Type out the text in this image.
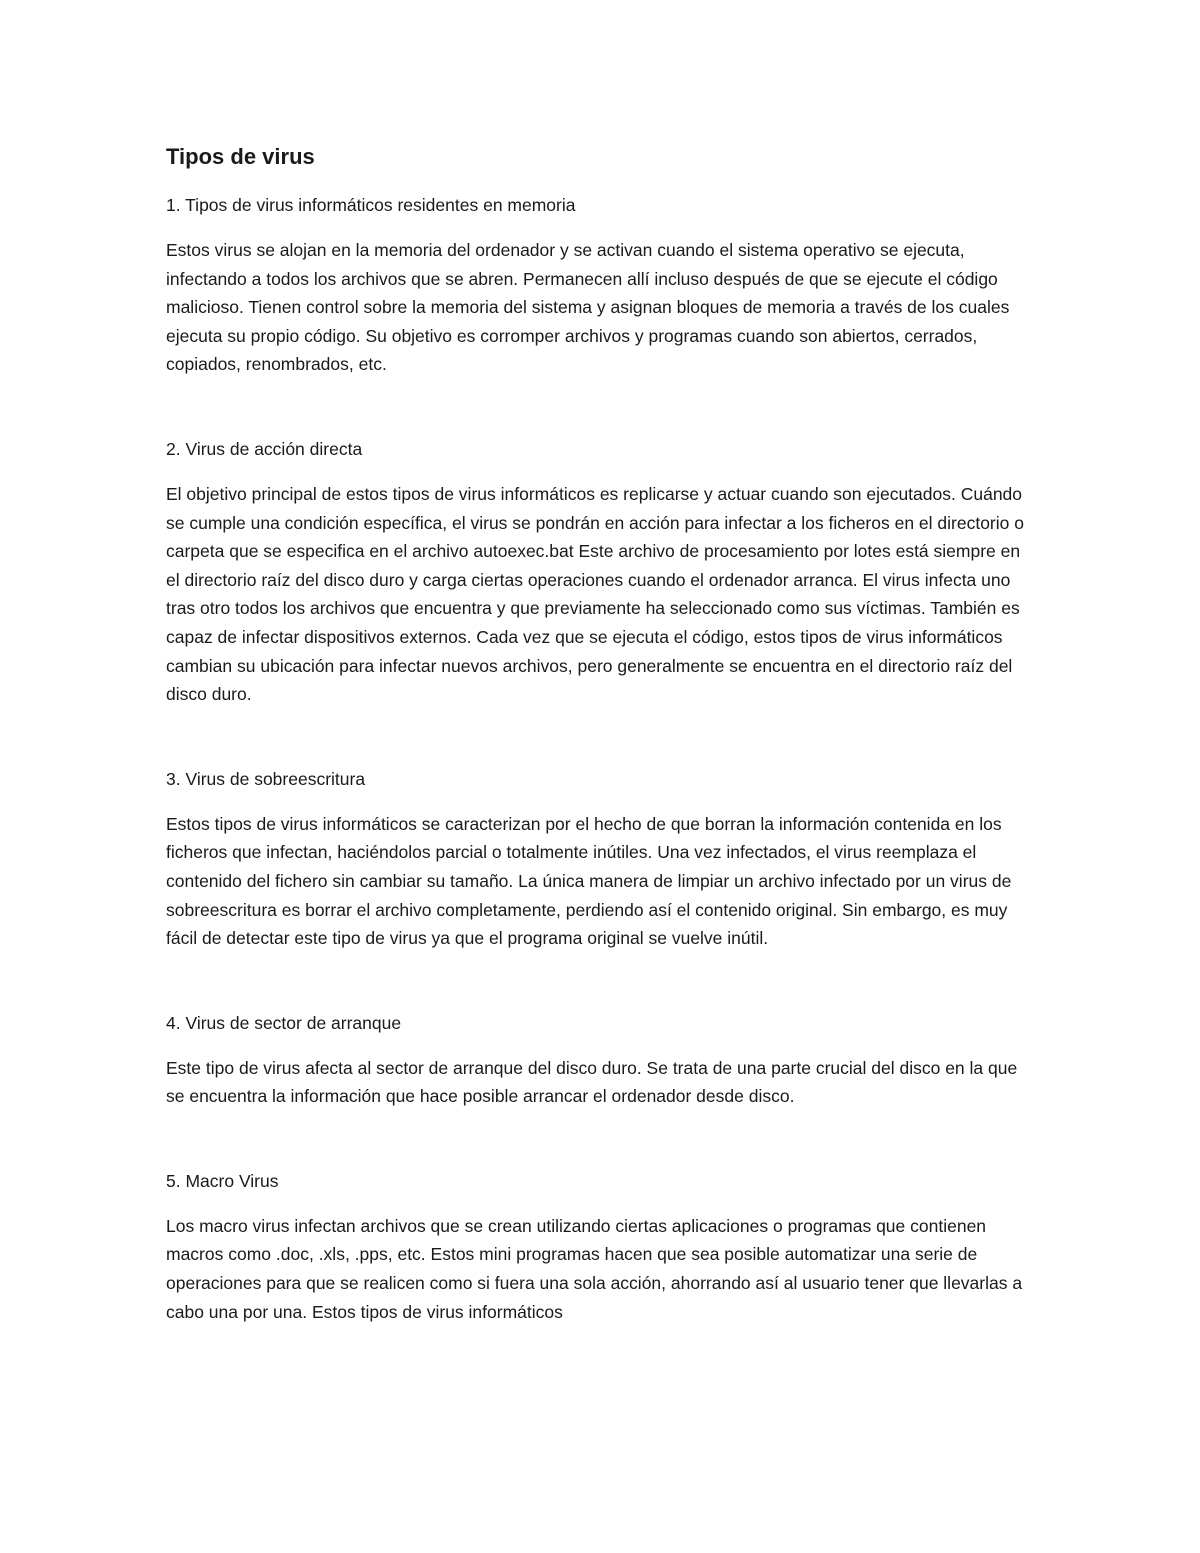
Tipos de virus

1. Tipos de virus informáticos residentes en memoria

Estos virus se alojan en la memoria del ordenador y se activan cuando el sistema operativo se ejecuta, infectando a todos los archivos que se abren. Permanecen allí incluso después de que se ejecute el código malicioso. Tienen control sobre la memoria del sistema y asignan bloques de memoria a través de los cuales ejecuta su propio código. Su objetivo es corromper archivos y programas cuando son abiertos, cerrados, copiados, renombrados, etc.

2. Virus de acción directa

El objetivo principal de estos tipos de virus informáticos es replicarse y actuar cuando son ejecutados. Cuándo se cumple una condición específica, el virus se pondrán en acción para infectar a los ficheros en el directorio o carpeta que se especifica en el archivo autoexec.bat Este archivo de procesamiento por lotes está siempre en el directorio raíz del disco duro y carga ciertas operaciones cuando el ordenador arranca. El virus infecta uno tras otro todos los archivos que encuentra y que previamente ha seleccionado como sus víctimas. También es capaz de infectar dispositivos externos. Cada vez que se ejecuta el código, estos tipos de virus informáticos cambian su ubicación para infectar nuevos archivos, pero generalmente se encuentra en el directorio raíz del disco duro.

3. Virus de sobreescritura

Estos tipos de virus informáticos se caracterizan por el hecho de que borran la información contenida en los ficheros que infectan, haciéndolos parcial o totalmente inútiles. Una vez infectados, el virus reemplaza el contenido del fichero sin cambiar su tamaño. La única manera de limpiar un archivo infectado por un virus de sobreescritura es borrar el archivo completamente, perdiendo así el contenido original. Sin embargo, es muy fácil de detectar este tipo de virus ya que el programa original se vuelve inútil.

4. Virus de sector de arranque

Este tipo de virus afecta al sector de arranque del disco duro. Se trata de una parte crucial del disco en la que se encuentra la información que hace posible arrancar el ordenador desde disco.

5. Macro Virus

Los macro virus infectan archivos que se crean utilizando ciertas aplicaciones o programas que contienen macros como .doc, .xls, .pps, etc. Estos mini programas hacen que sea posible automatizar una serie de operaciones para que se realicen como si fuera una sola acción, ahorrando así al usuario tener que llevarlas a cabo una por una. Estos tipos de virus informáticos
